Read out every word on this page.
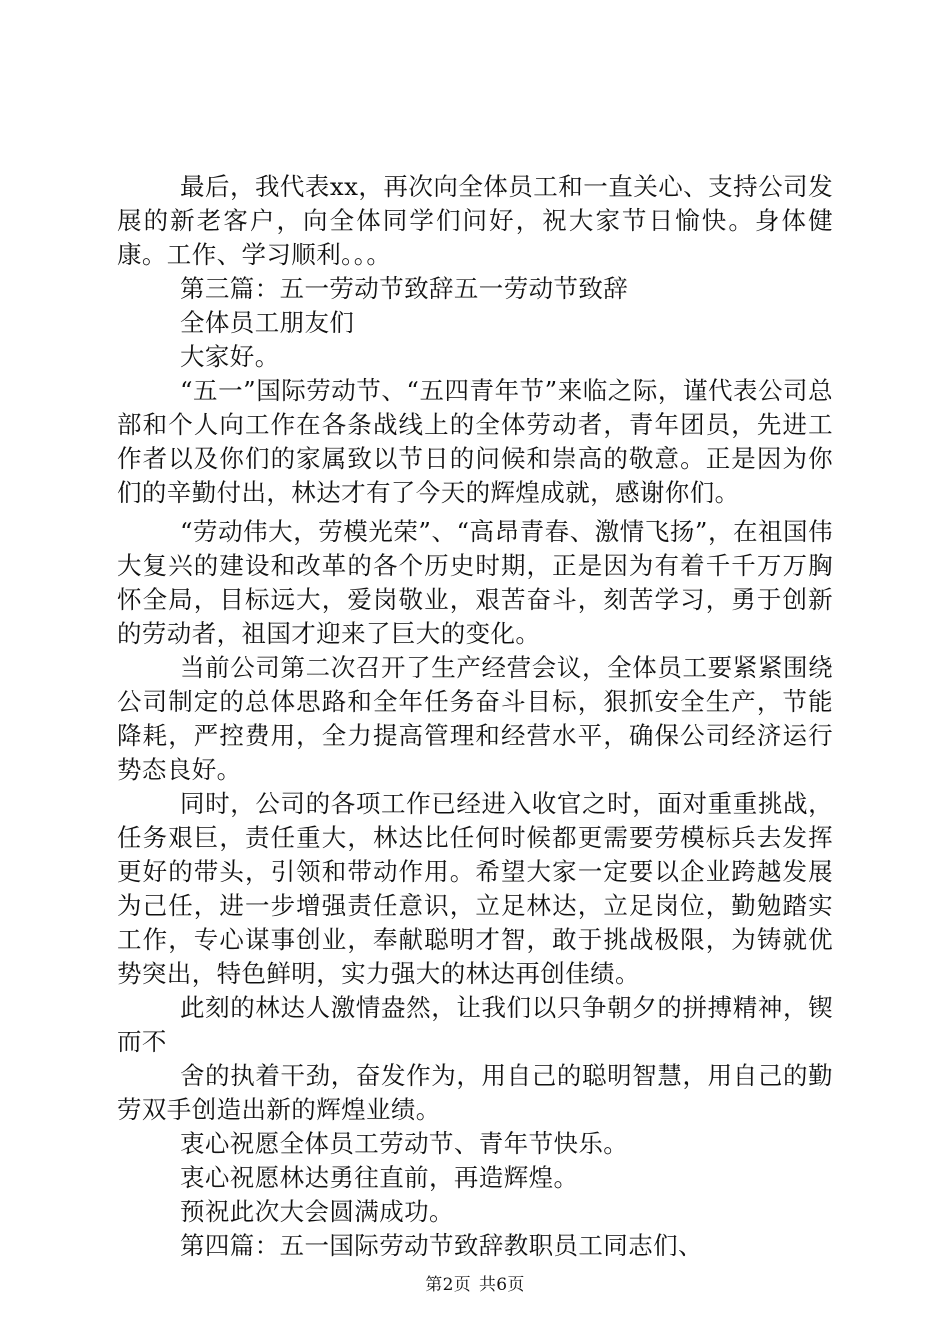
最后，我代表xx，再次向全体员工和一直关心、支持公司发展的新老客户，向全体同学们问好，祝大家节日愉快。身体健康。工作、学习顺利。。。

第三篇：五一劳动节致辞五一劳动节致辞

全体员工朋友们

大家好。

“五一”国际劳动节、“五四青年节”来临之际，谨代表公司总部和个人向工作在各条战线上的全体劳动者，青年团员，先进工作者以及你们的家属致以节日的问候和崇高的敬意。正是因为你们的辛勤付出，林达才有了今天的辉煌成就，感谢你们。

“劳动伟大，劳模光荣”、“高昂青春、激情飞扬”，在祖国伟大复兴的建设和改革的各个历史时期，正是因为有着千千万万胸怀全局，目标远大，爱岗敬业，艰苦奋斗，刻苦学习，勇于创新的劳动者，祖国才迎来了巨大的变化。

当前公司第二次召开了生产经营会议，全体员工要紧紧围绕公司制定的总体思路和全年任务奋斗目标，狠抓安全生产，节能降耗，严控费用，全力提高管理和经营水平，确保公司经济运行势态良好。

同时，公司的各项工作已经进入收官之时，面对重重挑战，任务艰巨，责任重大，林达比任何时候都更需要劳模标兵去发挥更好的带头，引领和带动作用。希望大家一定要以企业跨越发展为己任，进一步增强责任意识，立足林达，立足岗位，勤勉踏实工作，专心谋事创业，奉献聪明才智，敢于挑战极限，为铸就优势突出，特色鲜明，实力强大的林达再创佳绩。

此刻的林达人激情盎然，让我们以只争朝夕的拼搏精神，锲而不

舍的执着干劲，奋发作为，用自己的聪明智慧，用自己的勤劳双手创造出新的辉煌业绩。

衷心祝愿全体员工劳动节、青年节快乐。

衷心祝愿林达勇往直前，再造辉煌。

预祝此次大会圆满成功。

第四篇：五一国际劳动节致辞教职员工同志们、

第2页 共6页
